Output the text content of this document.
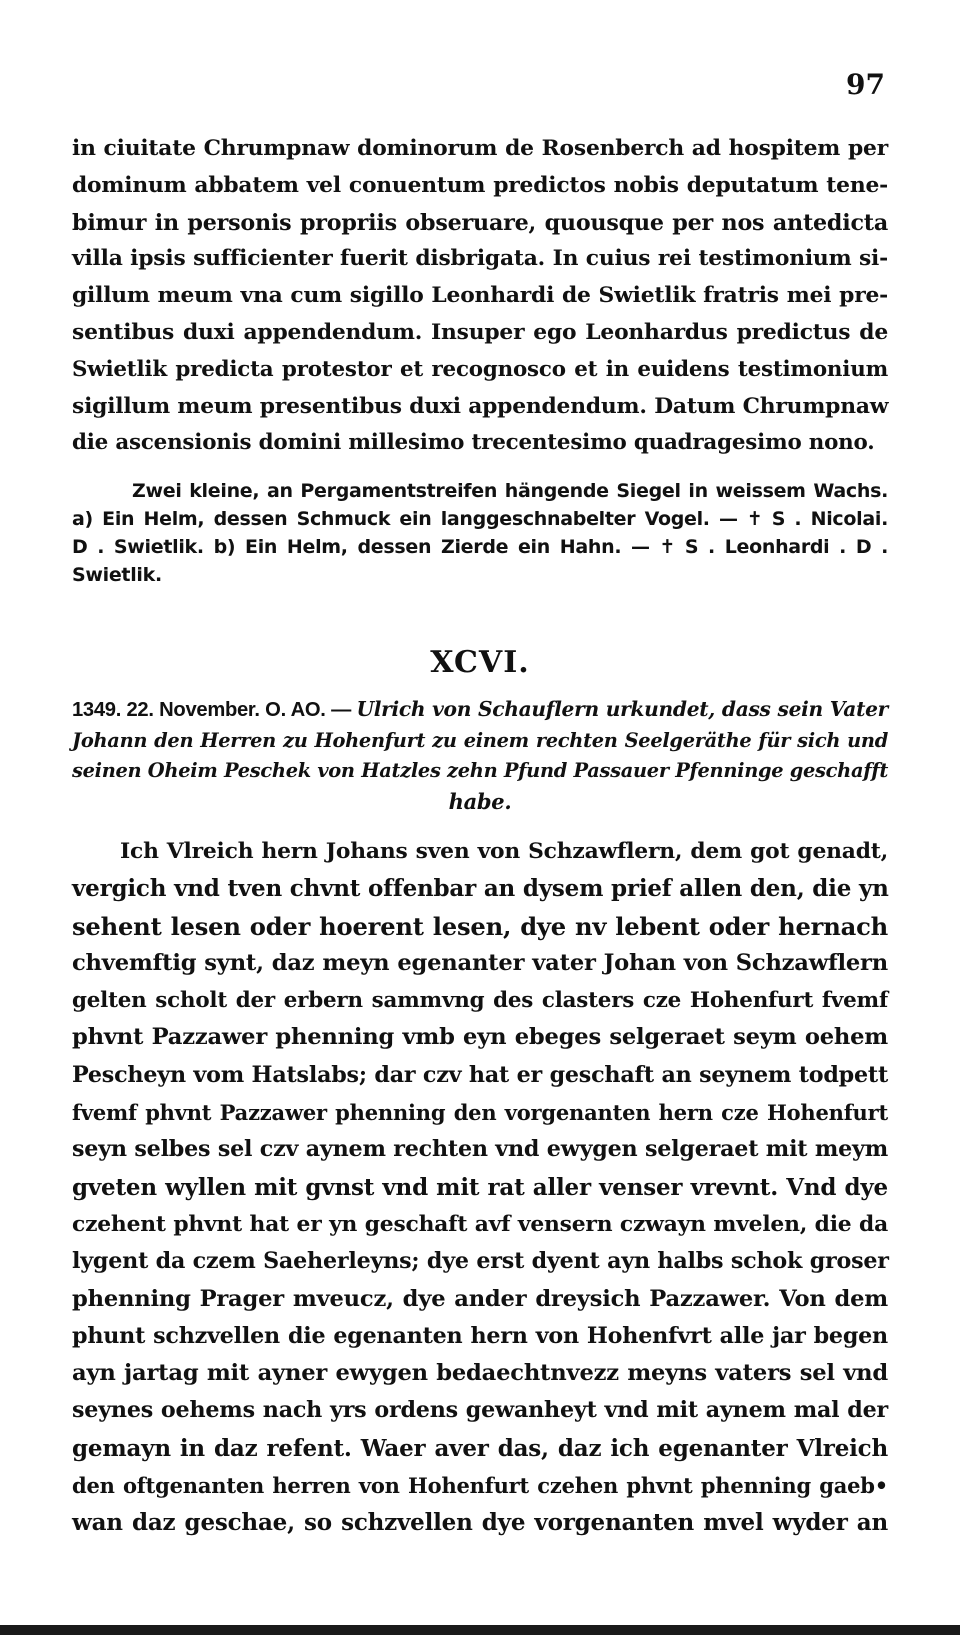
97
in ciuitate Chrumpnaw dominorum de Rosenberch ad hospitem per
dominum abbatem vel conuentum predictos nobis deputatum tene-
bimur in personis propriis obseruare, quousque per nos antedicta
villa ipsis sufficienter fuerit disbrigata. In cuius rei testimonium si-
gillum meum vna cum sigillo Leonhardi de Swietlik fratris mei pre-
sentibus duxi appendendum. Insuper ego Leonhardus predictus de
Swietlik predicta protestor et recognosco et in euidens testimonium
sigillum meum presentibus duxi appendendum. Datum Chrumpnaw
die ascensionis domini millesimo trecentesimo quadragesimo nono.
Zwei kleine, an Pergamentstreifen hängende Siegel in weissem Wachs.
a) Ein Helm, dessen Schmuck ein langgeschnabelter Vogel. — ✝ S . Nicolai.
D . Swietlik. b) Ein Helm, dessen Zierde ein Hahn. — ✝ S . Leonhardi . D .
Swietlik.
XCVI.
1349. 22. November. O. AO. — Ulrich von Schauflern urkundet, dass sein Vater
Johann den Herren zu Hohenfurt zu einem rechten Seelgeräthe für sich und
seinen Oheim Peschek von Hatzles zehn Pfund Passauer Pfenninge geschafft
habe.
Ich Vlreich hern Johans sven von Schzawflern, dem got genadt,
vergich vnd tven chvnt offenbar an dysem prief allen den, die yn
sehent lesen oder hoerent lesen, dye nv lebent oder hernach
chvemftig synt, daz meyn egenanter vater Johan von Schzawflern
gelten scholt der erbern sammvng des clasters cze Hohenfurt fvemf
phvnt Pazzawer phenning vmb eyn ebeges selgeraet seym oehem
Pescheyn vom Hatslabs; dar czv hat er geschaft an seynem todpett
fvemf phvnt Pazzawer phenning den vorgenanten hern cze Hohenfurt
seyn selbes sel czv aynem rechten vnd ewygen selgeraet mit meym
gveten wyllen mit gvnst vnd mit rat aller venser vrevnt. Vnd dye
czehent phvnt hat er yn geschaft avf vensern czwayn mvelen, die da
lygent da czem Saeherleyns; dye erst dyent ayn halbs schok groser
phenning Prager mveucz, dye ander dreysich Pazzawer. Von dem
phunt schzvellen die egenanten hern von Hohenfvrt alle jar begen
ayn jartag mit ayner ewygen bedaechtnvezz meyns vaters sel vnd
seynes oehems nach yrs ordens gewanheyt vnd mit aynem mal der
gemayn in daz refent. Waer aver das, daz ich egenanter Vlreich
den oftgenanten herren von Hohenfurt czehen phvnt phenning gaeb•
wan daz geschae, so schzvellen dye vorgenanten mvel wyder an
